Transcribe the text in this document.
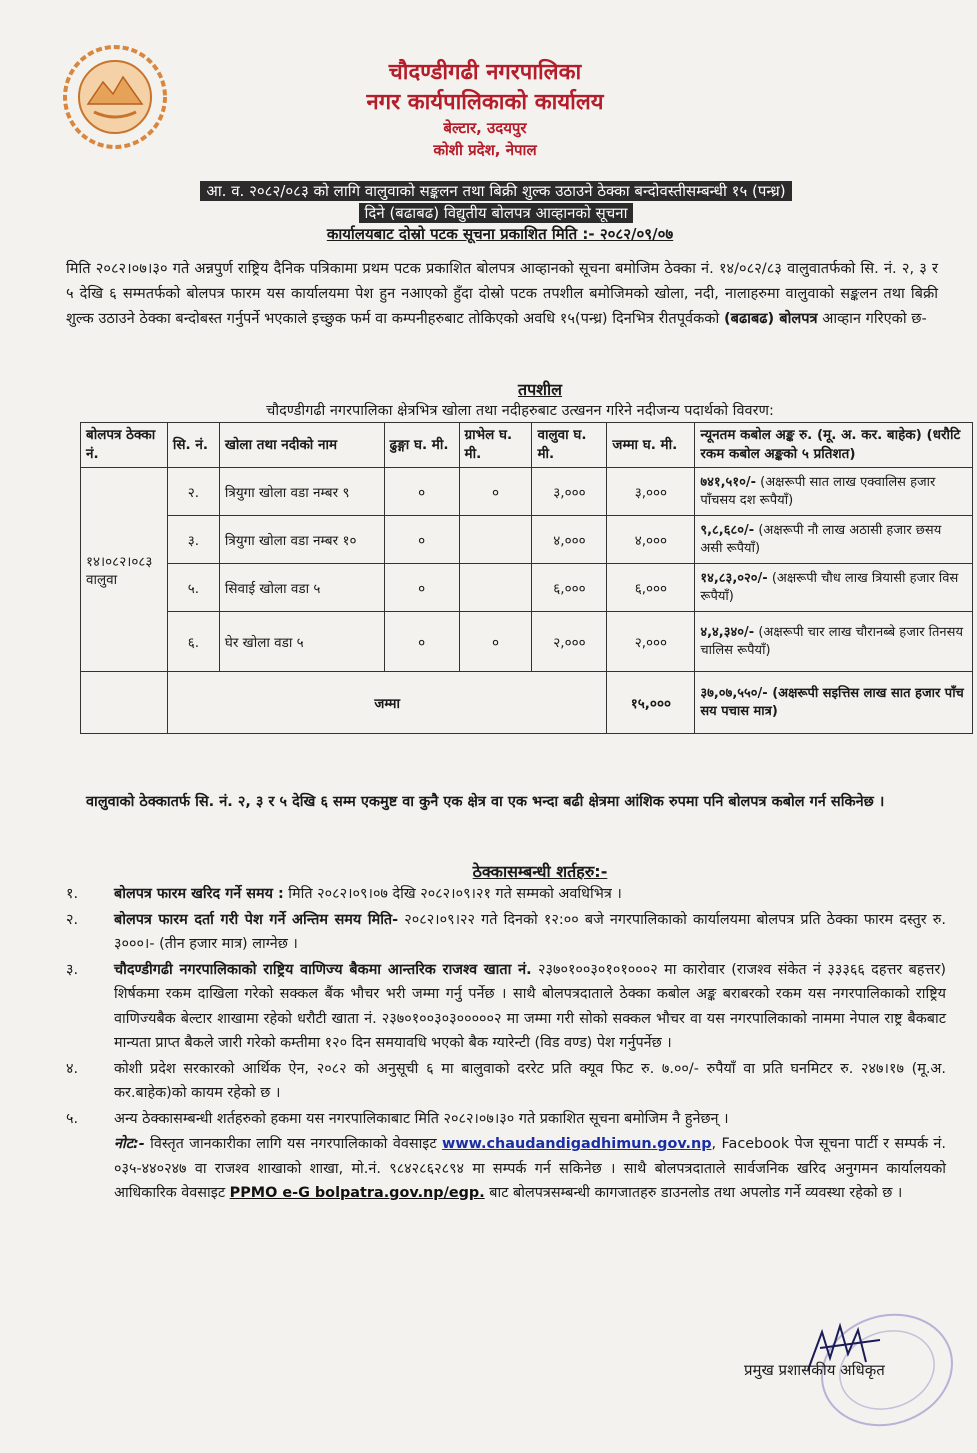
चौदण्डीगढी नगरपालिका
नगर कार्यपालिकाको कार्यालय
बेल्टार, उदयपुर
कोशी प्रदेश, नेपाल
आ. व. २०८२/०८३ को लागि वालुवाको सङ्कलन तथा बिक्री शुल्क उठाउने ठेक्का बन्दोवस्तीसम्बन्धी १५ (पन्ध्र)
दिने (बढाबढ) विद्युतीय बोलपत्र आव्हानको सूचना
कार्यालयबाट दोस्रो पटक सूचना प्रकाशित मिति :- २०८२/०९/०७
मिति २०८२।०७।३० गते अन्नपुर्ण राष्ट्रिय दैनिक पत्रिकामा प्रथम पटक प्रकाशित बोलपत्र आव्हानको सूचना बमोजिम ठेक्का नं. १४/०८२/८३ वालुवातर्फको सि. नं. २, ३ र ५ देखि ६ सम्मतर्फको बोलपत्र फारम यस कार्यालयमा पेश हुन नआएको हुँदा दोस्रो पटक तपशील बमोजिमको खोला, नदी, नालाहरुमा वालुवाको सङ्कलन तथा बिक्री शुल्क उठाउने ठेक्का बन्दोबस्त गर्नुपर्ने भएकाले इच्छुक फर्म वा कम्पनीहरुबाट तोकिएको अवधि १५(पन्ध्र) दिनभित्र रीतपूर्वकको (बढाबढ) बोलपत्र आव्हान गरिएको छ-
तपशील
चौदण्डीगढी नगरपालिका क्षेत्रभित्र खोला तथा नदीहरुबाट उत्खनन गरिने नदीजन्य पदार्थको विवरण:
बोलपत्र ठेक्का नं.	सि. नं.	खोला तथा नदीको नाम	ढुङ्गा घ. मी.	ग्राभेल घ. मी.	वालुवा घ. मी.	जम्मा घ. मी.	न्यूनतम कबोल अङ्क रु. (मू. अ. कर. बाहेक) (धरौटि रकम कबोल अङ्कको ५ प्रतिशत)
१४।०८२।०८३ वालुवा	२.	त्रियुगा खोला वडा नम्बर ९	०	०	३,०००	३,०००	७४१,५१०/- (अक्षरूपी सात लाख एक्वालिस हजार पाँचसय दश रूपैयाँ)
	३.	त्रियुगा खोला वडा नम्बर १०	०		४,०००	४,०००	९,८,६८०/- (अक्षरूपी नौ लाख अठासी हजार छसय असी रूपैयाँ)
	५.	सिवाई खोला वडा ५	०		६,०००	६,०००	१४,८३,०२०/- (अक्षरूपी चौध लाख त्रियासी हजार विस रूपैयाँ)
	६.	घेर खोला वडा ५	०	०	२,०००	२,०००	४,४,३४०/- (अक्षरूपी चार लाख चौरानब्बे हजार तिनसय चालिस रूपैयाँ)
	जम्मा					१५,०००	३७,०७,५५०/- (अक्षरूपी सइत्तिस लाख सात हजार पाँच सय पचास मात्र)
वालुवाको ठेक्कातर्फ सि. नं. २, ३ र ५ देखि ६ सम्म एकमुष्ट वा कुनै एक क्षेत्र वा एक भन्दा बढी क्षेत्रमा आंशिक रुपमा पनि बोलपत्र कबोल गर्न सकिनेछ ।
ठेक्कासम्बन्धी शर्तहरु:-
१.	बोलपत्र फारम खरिद गर्ने समय : मिति २०८२।०९।०७ देखि २०८२।०९।२१ गते सम्मको अवधिभित्र ।
२.	बोलपत्र फारम दर्ता गरी पेश गर्ने अन्तिम समय मिति- २०८२।०९।२२ गते दिनको १२:०० बजे नगरपालिकाको कार्यालयमा बोलपत्र प्रति ठेक्का फारम दस्तुर रु. ३०००।- (तीन हजार मात्र) लाग्नेछ ।
३.	चौदण्डीगढी नगरपालिकाको राष्ट्रिय वाणिज्य बैकमा आन्तरिक राजश्व खाता नं. २३७०१००३०१०१०००२ मा कारोवार (राजश्व संकेत नं ३३३६६ दहत्तर बहत्तर) शिर्षकमा रकम दाखिला गरेको सक्कल बैंक भौचर भरी जम्मा गर्नु पर्नेछ । साथै बोलपत्रदाताले ठेक्का कबोल अङ्क बराबरको रकम यस नगरपालिकाको राष्ट्रिय वाणिज्यबैक बेल्टार शाखामा रहेको धरौटी खाता नं. २३७०१००३०३०००००२ मा जम्मा गरी सोको सक्कल भौचर वा यस नगरपालिकाको नाममा नेपाल राष्ट्र बैकबाट मान्यता प्राप्त बैकले जारी गरेको कम्तीमा १२० दिन समयावधि भएको बैक ग्यारेन्टी (विड वण्ड) पेश गर्नुपर्नेछ ।
४.	कोशी प्रदेश सरकारको आर्थिक ऐन, २०८२ को अनुसूची ६ मा बालुवाको दररेट प्रति क्यूव फिट रु. ७.००/- रुपैयाँ वा प्रति घनमिटर रु. २४७।१७ (मू.अ. कर.बाहेक)को कायम रहेको छ ।
५.	अन्य ठेक्कासम्बन्धी शर्तहरुको हकमा यस नगरपालिकाबाट मिति २०८२।०७।३० गते प्रकाशित सूचना बमोजिम नै हुनेछन् ।
नोट:- विस्तृत जानकारीका लागि यस नगरपालिकाको वेवसाइट www.chaudandigadhimun.gov.np, Facebook पेज सूचना पार्टी र सम्पर्क नं. ०३५-४४०२४७ वा राजश्व शाखाको शाखा, मो.नं. ९८४२८६२८९४ मा सम्पर्क गर्न सकिनेछ । साथै बोलपत्रदाताले सार्वजनिक खरिद अनुगमन कार्यालयको आधिकारिक वेवसाइट PPMO e-G bolpatra.gov.np/egp. बाट बोलपत्रसम्बन्धी कागजातहरु डाउनलोड तथा अपलोड गर्ने व्यवस्था रहेको छ ।
प्रमुख प्रशासकीय अधिकृत
